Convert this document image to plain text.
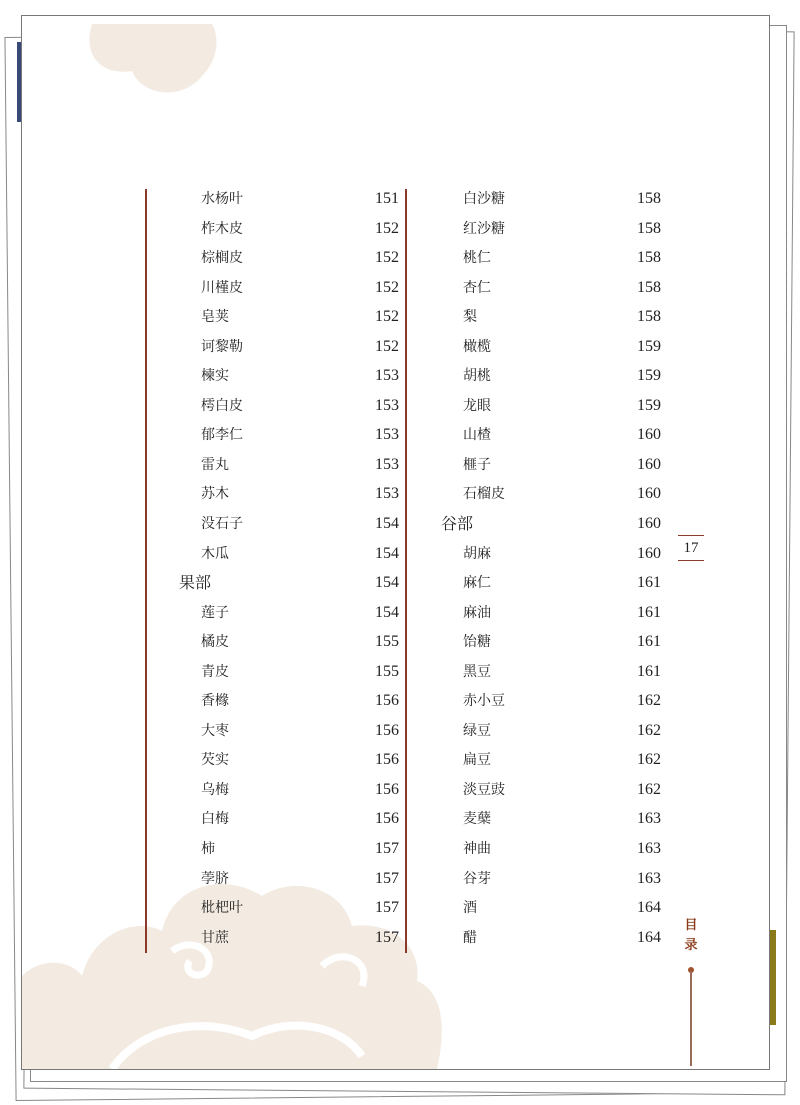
水杨叶	151
柞木皮	152
棕榈皮	152
川槿皮	152
皂荚	152
诃黎勒	152
楝实	153
樗白皮	153
郁李仁	153
雷丸	153
苏木	153
没石子	154
木瓜	154
果部	154
莲子	154
橘皮	155
青皮	155
香橼	156
大枣	156
芡实	156
乌梅	156
白梅	156
柿	157
荸脐	157
枇杷叶	157
甘蔗	157
白沙糖	158
红沙糖	158
桃仁	158
杏仁	158
梨	158
橄榄	159
胡桃	159
龙眼	159
山楂	160
榧子	160
石榴皮	160
谷部	160
胡麻	160
麻仁	161
麻油	161
饴糖	161
黑豆	161
赤小豆	162
绿豆	162
扁豆	162
淡豆豉	162
麦蘖	163
神曲	163
谷芽	163
酒	164
醋	164
17
目
录
